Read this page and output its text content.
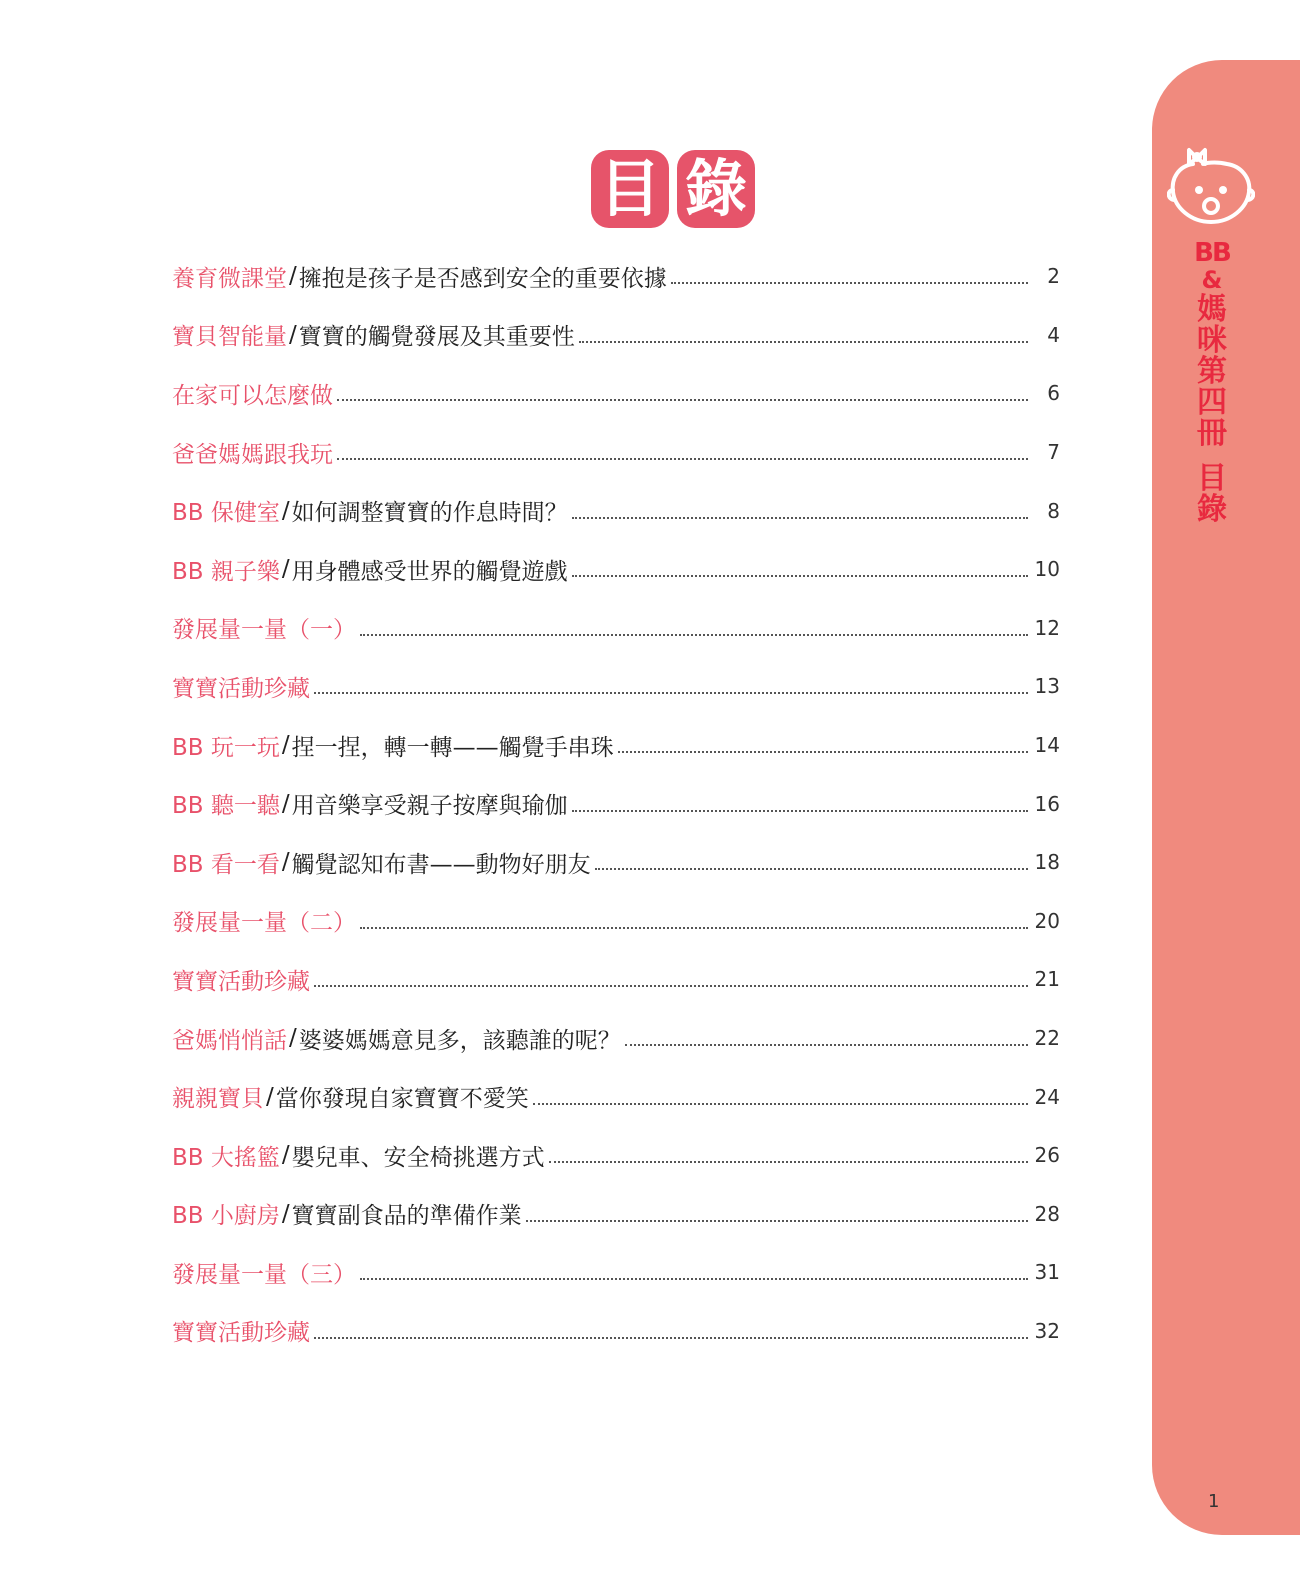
BB
&
媽咪第四冊
目錄
1
目 錄
養育微課堂 / 擁抱是孩子是否感到安全的重要依據	2
寶貝智能量 / 寶寶的觸覺發展及其重要性	4
在家可以怎麼做	6
爸爸媽媽跟我玩	7
BB 保健室 / 如何調整寶寶的作息時間？	8
BB 親子樂 / 用身體感受世界的觸覺遊戲	10
發展量一量（一）	12
寶寶活動珍藏	13
BB 玩一玩 / 捏一捏，轉一轉——觸覺手串珠	14
BB 聽一聽 / 用音樂享受親子按摩與瑜伽	16
BB 看一看 / 觸覺認知布書——動物好朋友	18
發展量一量（二）	20
寶寶活動珍藏	21
爸媽悄悄話 / 婆婆媽媽意見多，該聽誰的呢？	22
親親寶貝 / 當你發現自家寶寶不愛笑	24
BB 大搖籃 / 嬰兒車、安全椅挑選方式	26
BB 小廚房 / 寶寶副食品的準備作業	28
發展量一量（三）	31
寶寶活動珍藏	32
